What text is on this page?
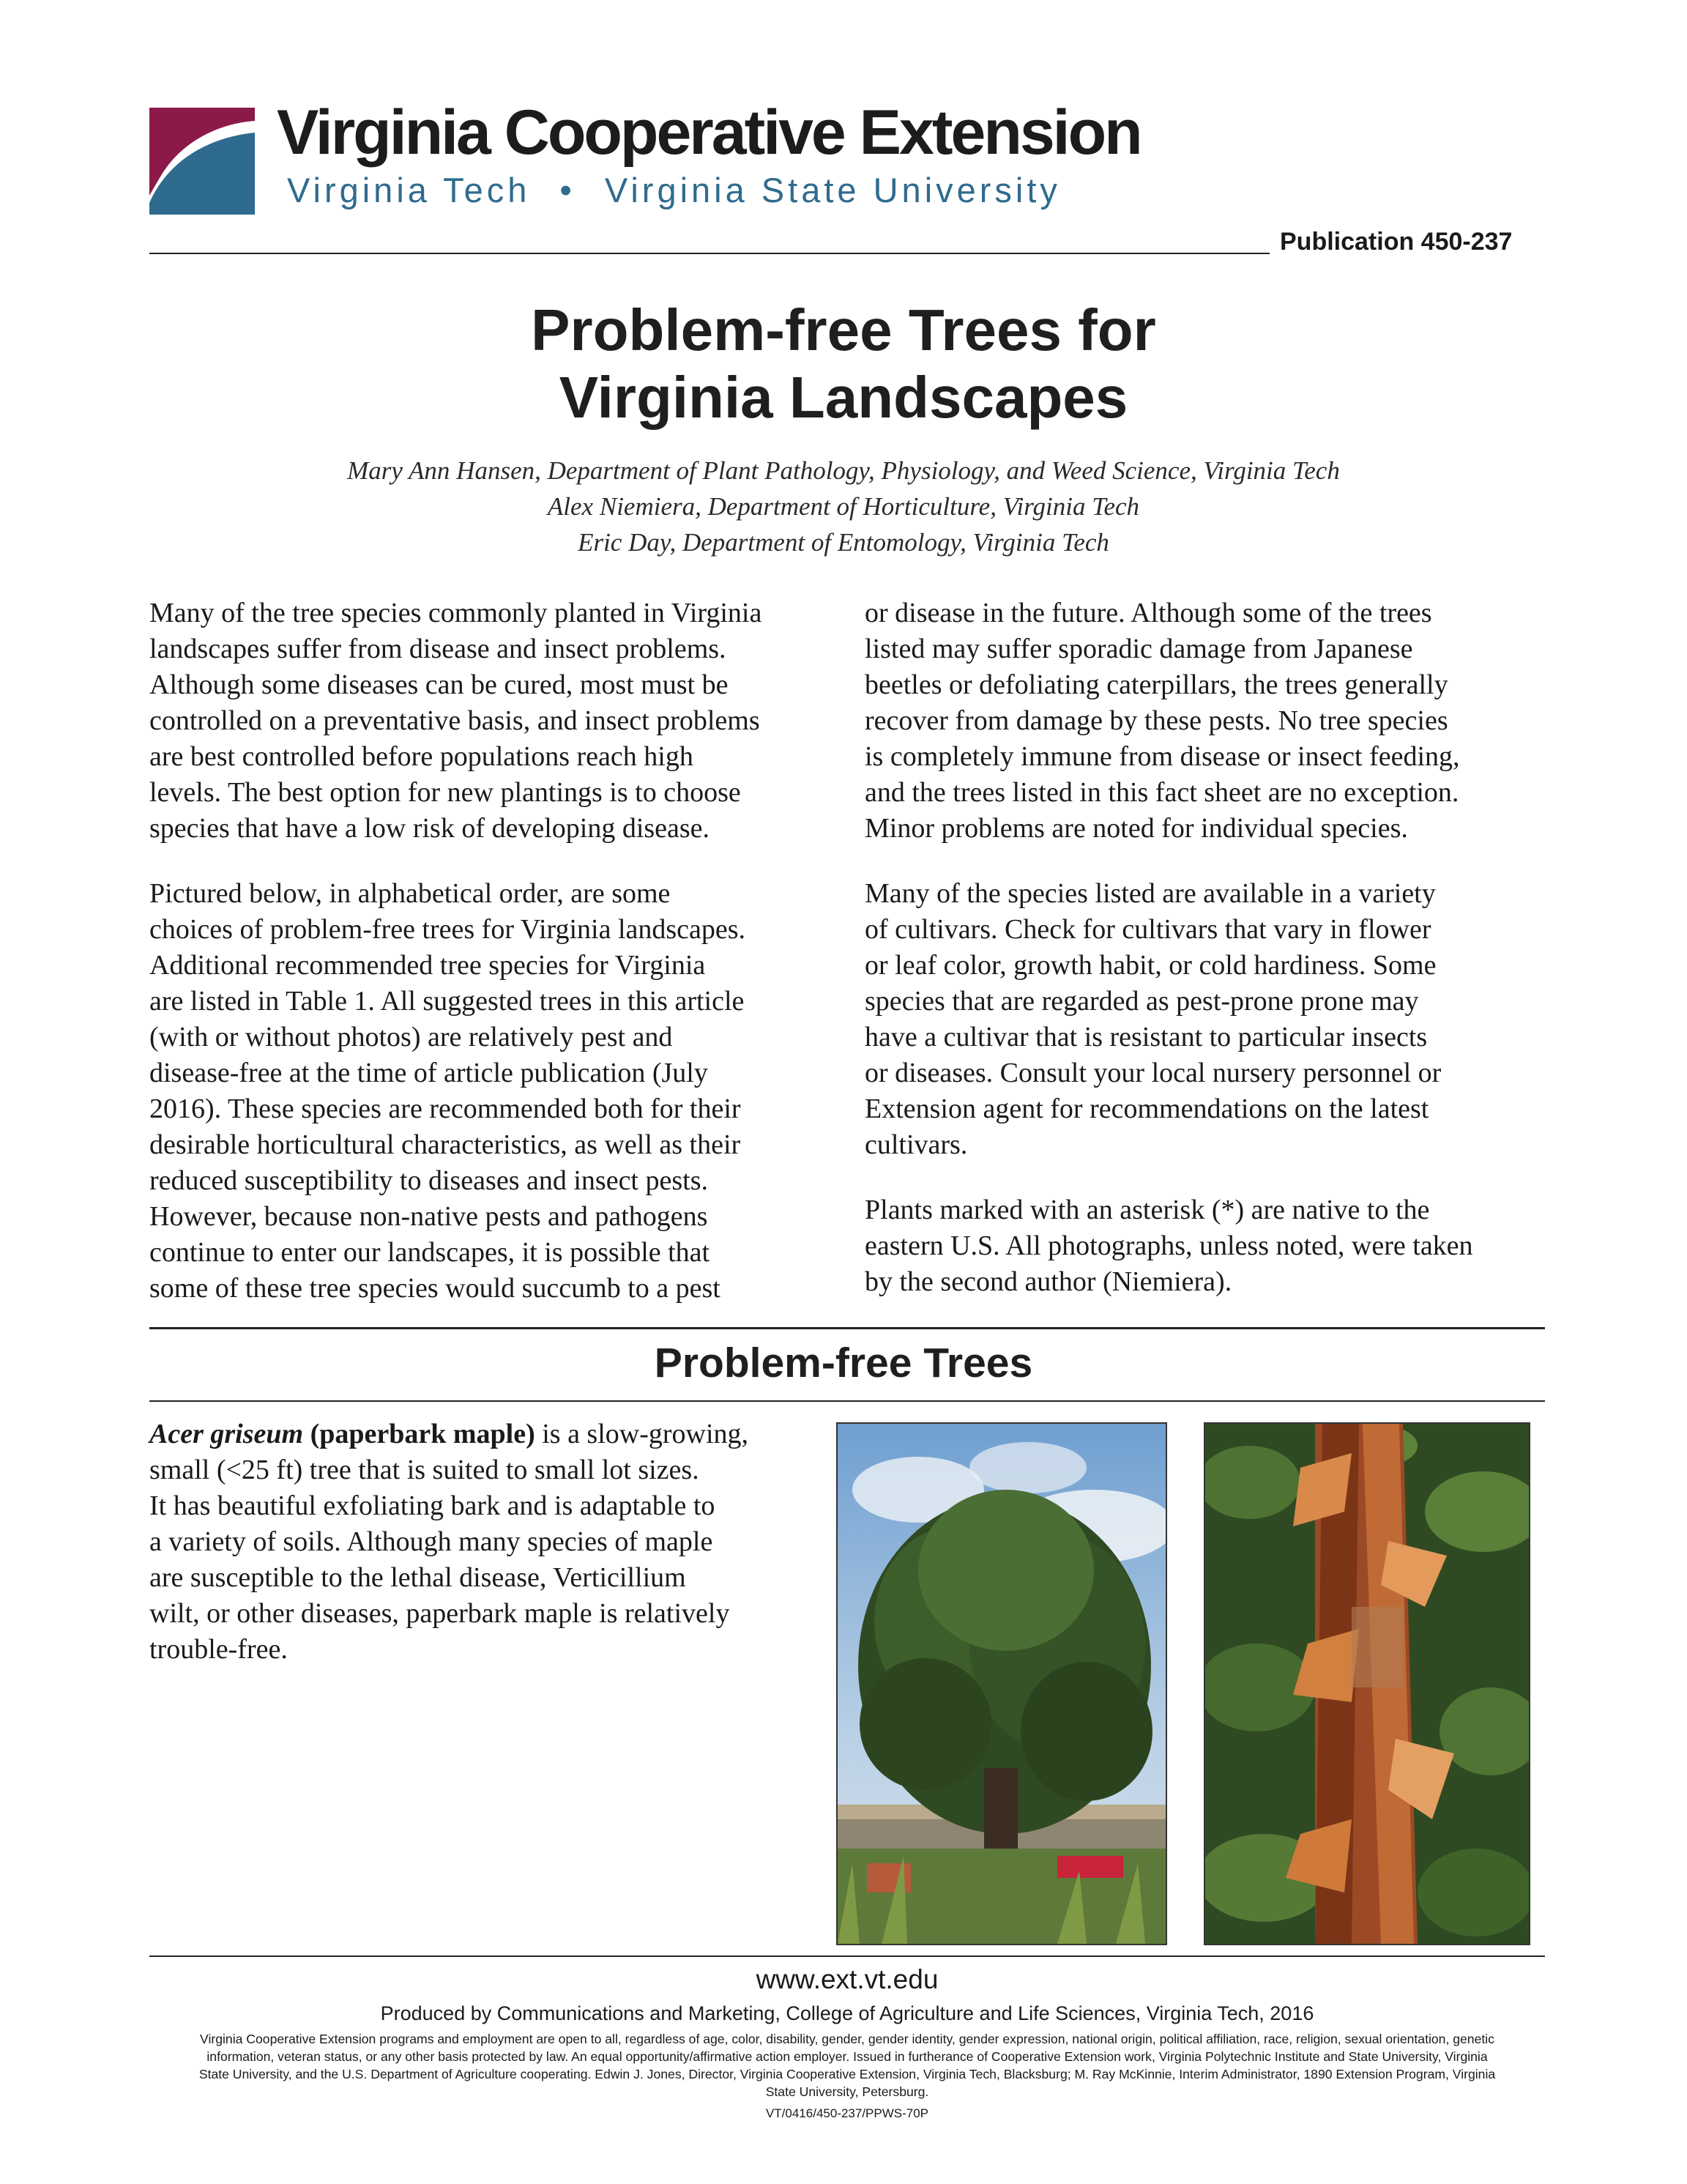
Virginia Cooperative Extension
Virginia Tech • Virginia State University
Publication 450-237
Problem-free Trees for
Virginia Landscapes
Mary Ann Hansen, Department of Plant Pathology, Physiology, and Weed Science, Virginia Tech
Alex Niemiera, Department of Horticulture, Virginia Tech
Eric Day, Department of Entomology, Virginia Tech
Many of the tree species commonly planted in Virginia
landscapes suffer from disease and insect problems.
Although some diseases can be cured, most must be
controlled on a preventative basis, and insect problems
are best controlled before populations reach high
levels. The best option for new plantings is to choose
species that have a low risk of developing disease.
Pictured below, in alphabetical order, are some
choices of problem-free trees for Virginia landscapes.
Additional recommended tree species for Virginia
are listed in Table 1. All suggested trees in this article
(with or without photos) are relatively pest and
disease-free at the time of article publication (July
2016). These species are recommended both for their
desirable horticultural characteristics, as well as their
reduced susceptibility to diseases and insect pests.
However, because non-native pests and pathogens
continue to enter our landscapes, it is possible that
some of these tree species would succumb to a pest
or disease in the future. Although some of the trees
listed may suffer sporadic damage from Japanese
beetles or defoliating caterpillars, the trees generally
recover from damage by these pests. No tree species
is completely immune from disease or insect feeding,
and the trees listed in this fact sheet are no exception.
Minor problems are noted for individual species.
Many of the species listed are available in a variety
of cultivars. Check for cultivars that vary in flower
or leaf color, growth habit, or cold hardiness. Some
species that are regarded as pest-prone prone may
have a cultivar that is resistant to particular insects
or diseases. Consult your local nursery personnel or
Extension agent for recommendations on the latest
cultivars.
Plants marked with an asterisk (*) are native to the
eastern U.S. All photographs, unless noted, were taken
by the second author (Niemiera).
Problem-free Trees
Acer griseum (paperbark maple) is a slow-growing,
small (<25 ft) tree that is suited to small lot sizes.
It has beautiful exfoliating bark and is adaptable to
a variety of soils. Although many species of maple
are susceptible to the lethal disease, Verticillium
wilt, or other diseases, paperbark maple is relatively
trouble-free.
www.ext.vt.edu
Produced by Communications and Marketing, College of Agriculture and Life Sciences, Virginia Tech, 2016
Virginia Cooperative Extension programs and employment are open to all, regardless of age, color, disability, gender, gender identity, gender expression, national origin, political affiliation, race, religion, sexual orientation, genetic
information, veteran status, or any other basis protected by law. An equal opportunity/affirmative action employer. Issued in furtherance of Cooperative Extension work, Virginia Polytechnic Institute and State University, Virginia
State University, and the U.S. Department of Agriculture cooperating. Edwin J. Jones, Director, Virginia Cooperative Extension, Virginia Tech, Blacksburg; M. Ray McKinnie, Interim Administrator, 1890 Extension Program, Virginia
State University, Petersburg.
VT/0416/450-237/PPWS-70P
